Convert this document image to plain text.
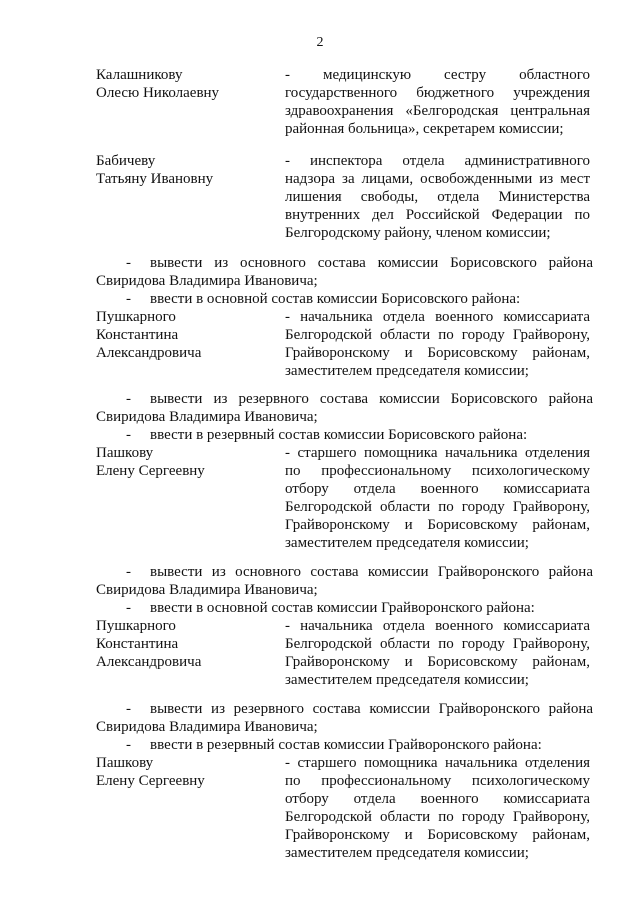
2
Калашникову
Олесю Николаевну
- медицинскую сестру областного государственного бюджетного учреждения здравоохранения «Белгородская центральная районная больница», секретарем комиссии;
Бабичеву
Татьяну Ивановну
- инспектора отдела административного надзора за лицами, освобожденными из мест лишения свободы, отдела Министерства внутренних дел Российской Федерации по Белгородскому району, членом комиссии;
- вывести из основного состава комиссии Борисовского района Свиридова Владимира Ивановича;
- ввести в основной состав комиссии Борисовского района:
Пушкарного
Константина
Александровича
- начальника отдела военного комиссариата Белгородской области по городу Грайворону, Грайворонскому и Борисовскому районам, заместителем председателя комиссии;
- вывести из резервного состава комиссии Борисовского района Свиридова Владимира Ивановича;
- ввести в резервный состав комиссии Борисовского района:
Пашкову
Елену Сергеевну
- старшего помощника начальника отделения по профессиональному психологическому отбору отдела военного комиссариата Белгородской области по городу Грайворону, Грайворонскому и Борисовскому районам, заместителем председателя комиссии;
- вывести из основного состава комиссии Грайворонского района Свиридова Владимира Ивановича;
- ввести в основной состав комиссии Грайворонского района:
Пушкарного
Константина
Александровича
- начальника отдела военного комиссариата Белгородской области по городу Грайворону, Грайворонскому и Борисовскому районам, заместителем председателя комиссии;
- вывести из резервного состава комиссии Грайворонского района Свиридова Владимира Ивановича;
- ввести в резервный состав комиссии Грайворонского района:
Пашкову
Елену Сергеевну
- старшего помощника начальника отделения по профессиональному психологическому отбору отдела военного комиссариата Белгородской области по городу Грайворону, Грайворонскому и Борисовскому районам, заместителем председателя комиссии;
